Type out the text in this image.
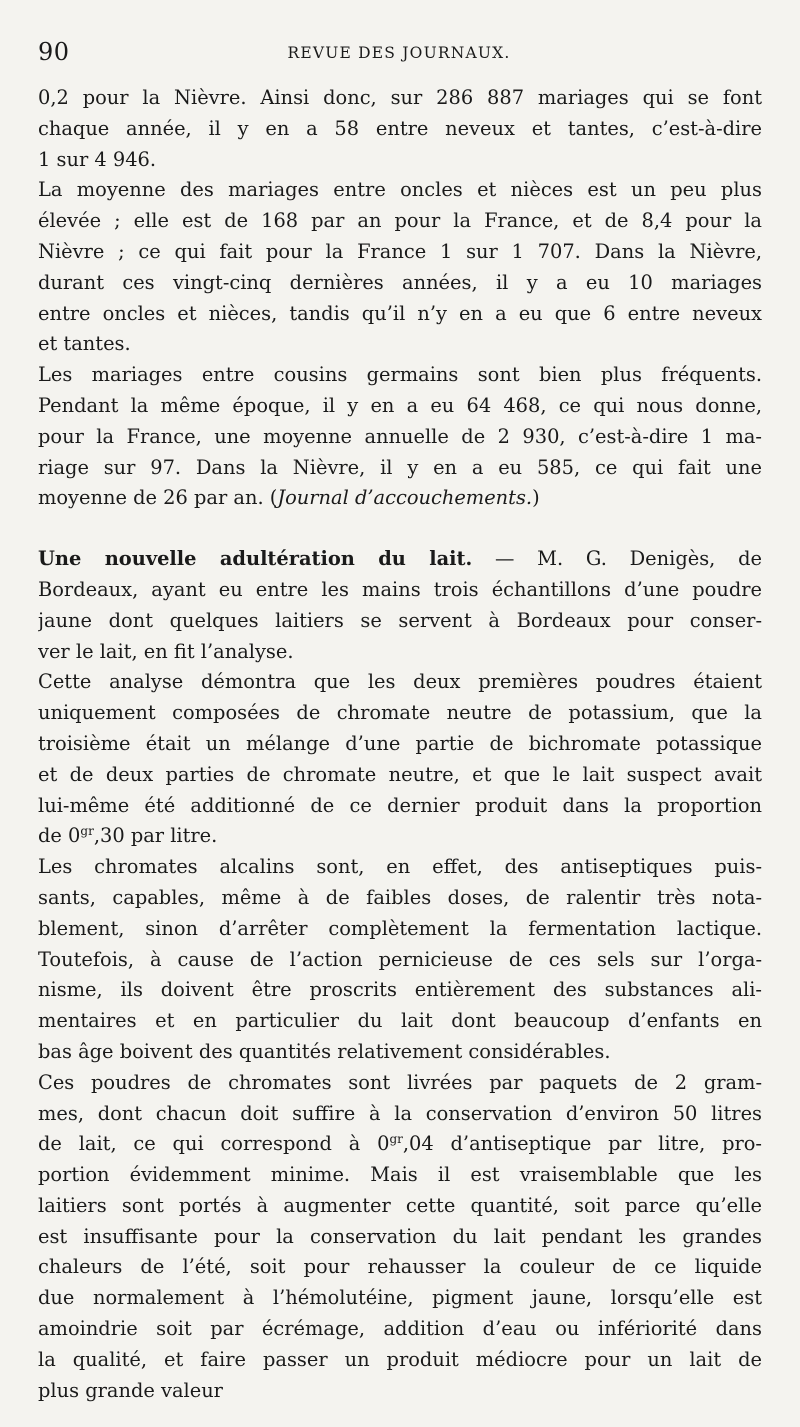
90	REVUE DES JOURNAUX.
0,2 pour la Nièvre. Ainsi donc, sur 286 887 mariages qui se font
chaque année, il y en a 58 entre neveux et tantes, c’est-à-dire
1 sur 4 946.
La moyenne des mariages entre oncles et nièces est un peu plus
élevée ; elle est de 168 par an pour la France, et de 8,4 pour la
Nièvre ; ce qui fait pour la France 1 sur 1 707. Dans la Nièvre,
durant ces vingt-cinq dernières années, il y a eu 10 mariages
entre oncles et nièces, tandis qu’il n’y en a eu que 6 entre neveux
et tantes.
Les mariages entre cousins germains sont bien plus fréquents.
Pendant la même époque, il y en a eu 64 468, ce qui nous donne,
pour la France, une moyenne annuelle de 2 930, c’est-à-dire 1 ma-
riage sur 97. Dans la Nièvre, il y en a eu 585, ce qui fait une
moyenne de 26 par an. (Journal d’accouchements.)
Une nouvelle adultération du lait. — M. G. Denigès, de
Bordeaux, ayant eu entre les mains trois échantillons d’une poudre
jaune dont quelques laitiers se servent à Bordeaux pour conser-
ver le lait, en fit l’analyse.
Cette analyse démontra que les deux premières poudres étaient
uniquement composées de chromate neutre de potassium, que la
troisième était un mélange d’une partie de bichromate potassique
et de deux parties de chromate neutre, et que le lait suspect avait
lui-même été additionné de ce dernier produit dans la proportion
de $0^{gr},30$ par litre.
Les chromates alcalins sont, en effet, des antiseptiques puis-
sants, capables, même à de faibles doses, de ralentir très nota-
blement, sinon d’arrêter complètement la fermentation lactique.
Toutefois, à cause de l’action pernicieuse de ces sels sur l’orga-
nisme, ils doivent être proscrits entièrement des substances ali-
mentaires et en particulier du lait dont beaucoup d’enfants en
bas âge boivent des quantités relativement considérables.
Ces poudres de chromates sont livrées par paquets de 2 gram-
mes, dont chacun doit suffire à la conservation d’environ 50 litres
de lait, ce qui correspond à $0^{gr},04$ d’antiseptique par litre, pro-
portion évidemment minime. Mais il est vraisemblable que les
laitiers sont portés à augmenter cette quantité, soit parce qu’elle
est insuffisante pour la conservation du lait pendant les grandes
chaleurs de l’été, soit pour rehausser la couleur de ce liquide
due normalement à l’hémolutéine, pigment jaune, lorsqu’elle est
amoindrie soit par écrémage, addition d’eau ou infériorité dans
la qualité, et faire passer un produit médiocre pour un lait de
plus grande valeur
